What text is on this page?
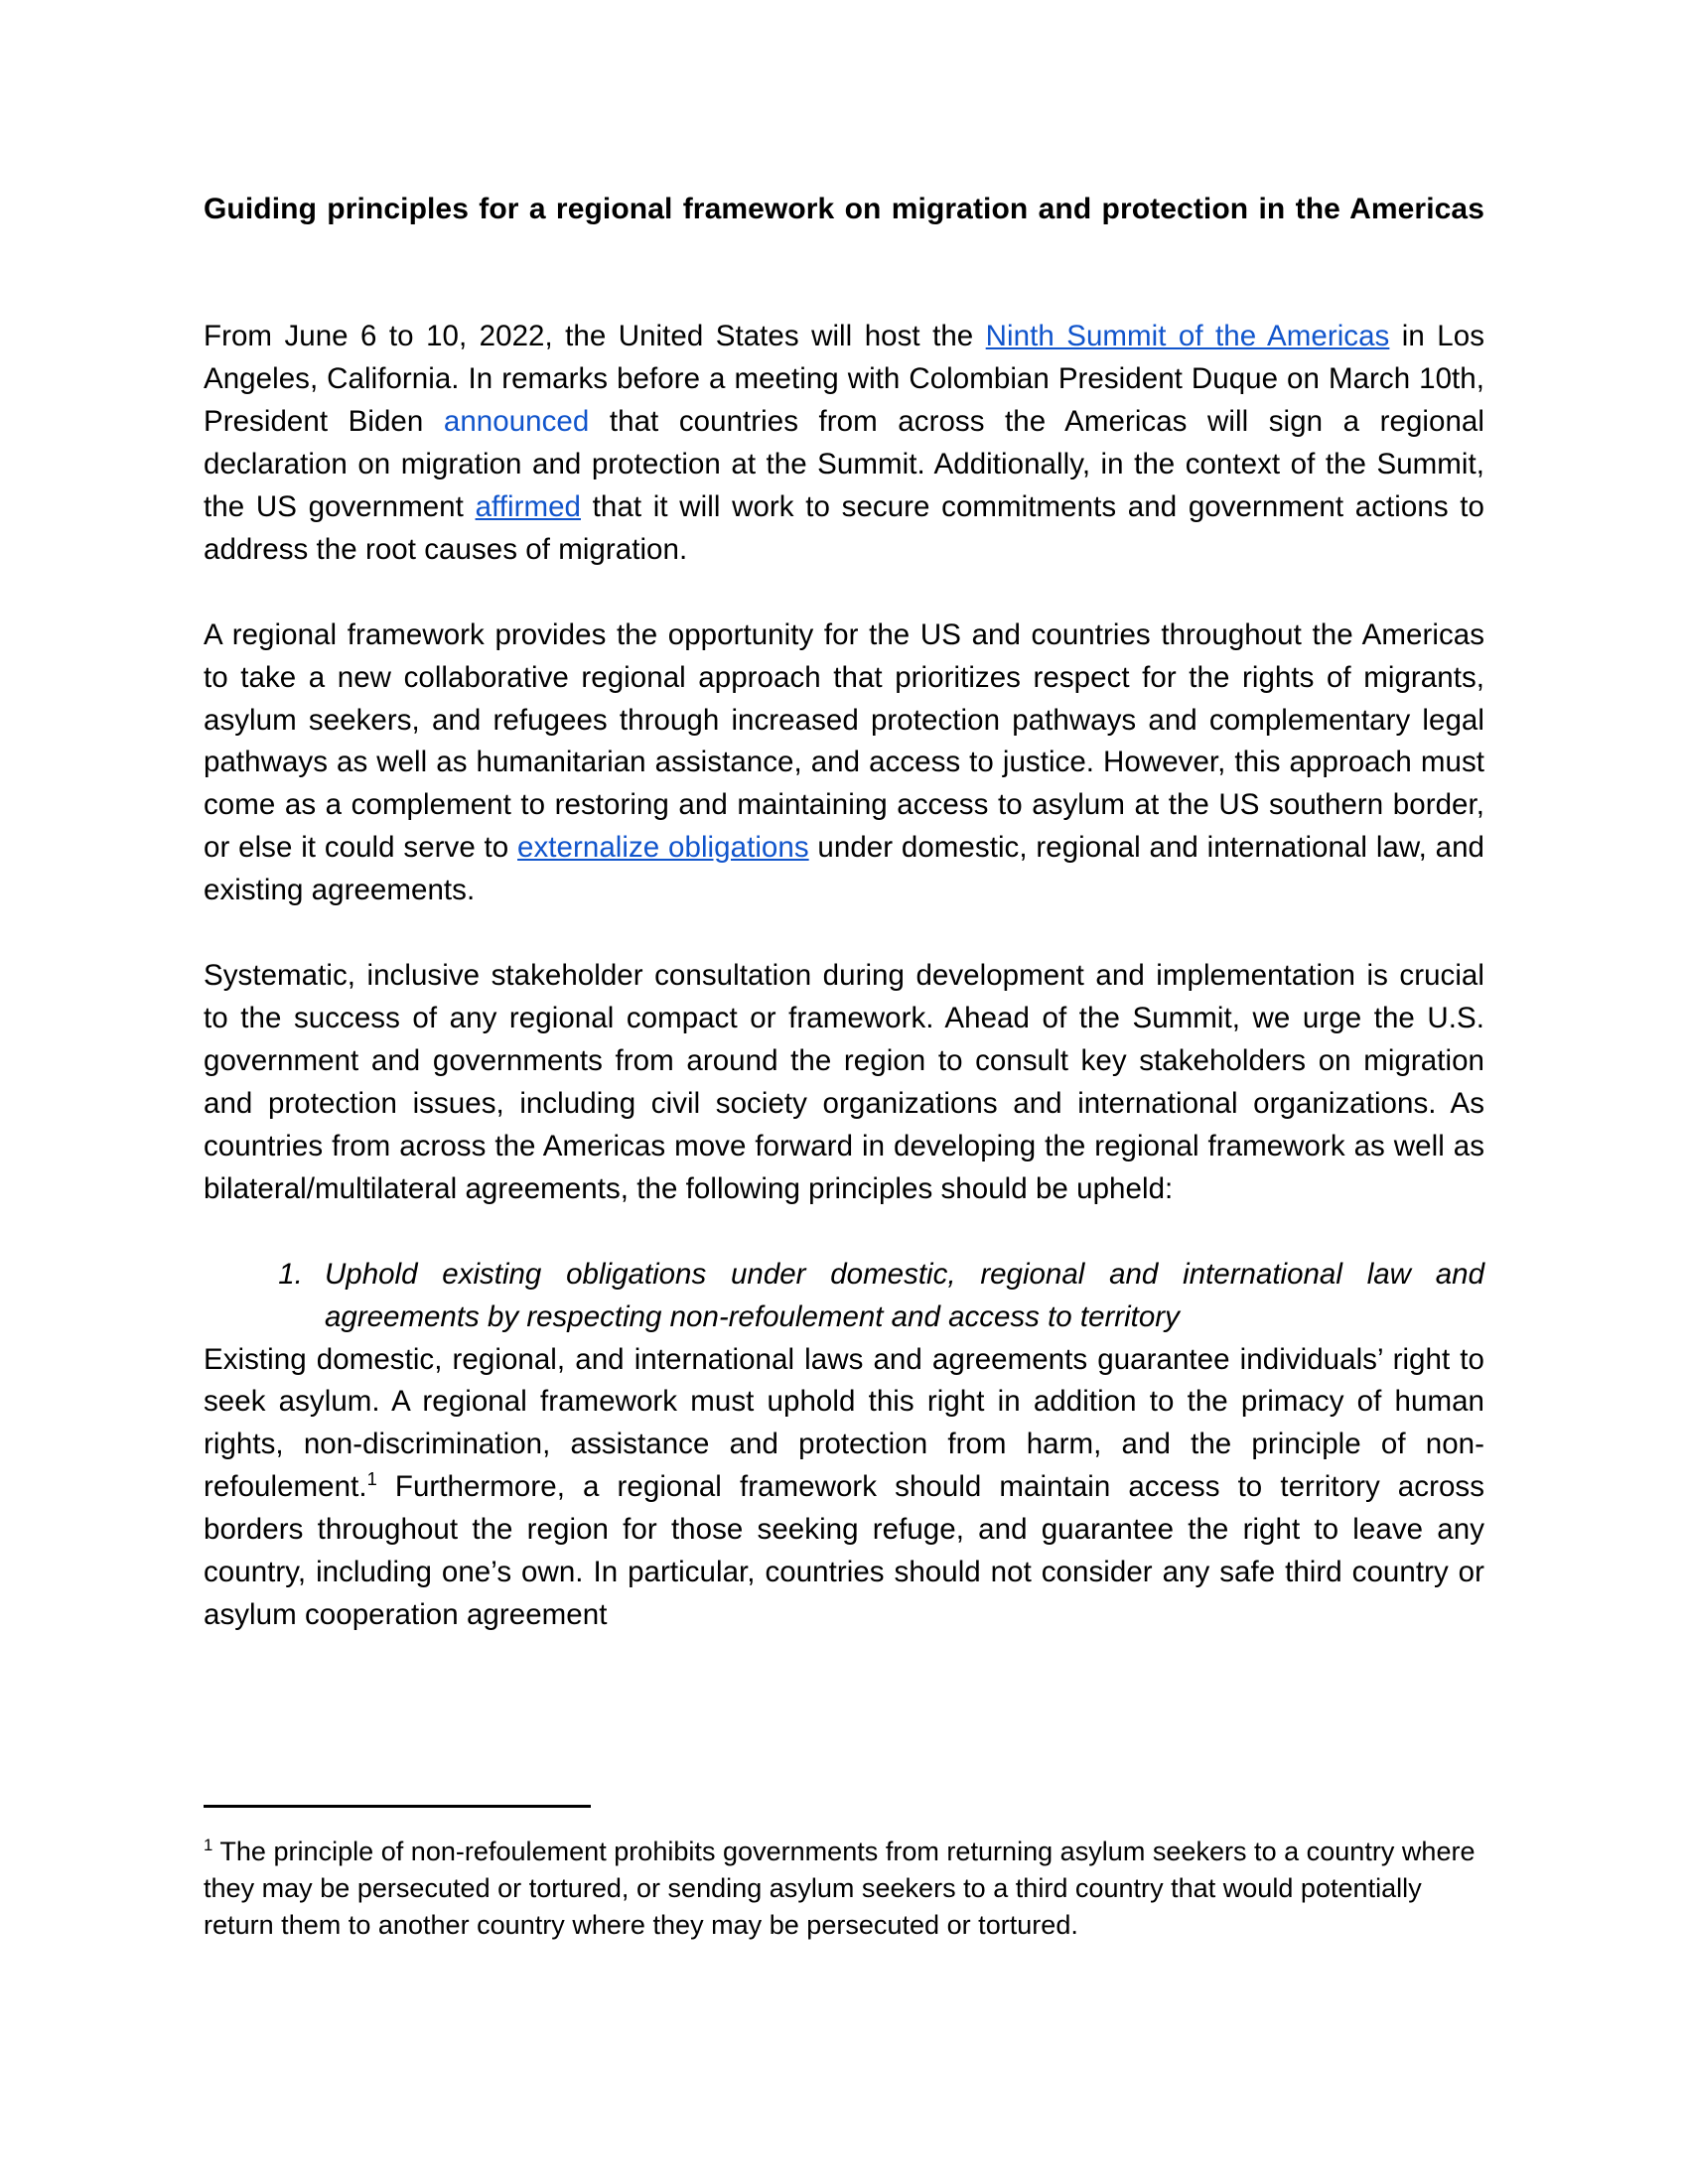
Guiding principles for a regional framework on migration and protection in the Americas

From June 6 to 10, 2022, the United States will host the Ninth Summit of the Americas in Los Angeles, California. In remarks before a meeting with Colombian President Duque on March 10th, President Biden announced that countries from across the Americas will sign a regional declaration on migration and protection at the Summit. Additionally, in the context of the Summit, the US government affirmed that it will work to secure commitments and government actions to address the root causes of migration.

A regional framework provides the opportunity for the US and countries throughout the Americas to take a new collaborative regional approach that prioritizes respect for the rights of migrants, asylum seekers, and refugees through increased protection pathways and complementary legal pathways as well as humanitarian assistance, and access to justice. However, this approach must come as a complement to restoring and maintaining access to asylum at the US southern border, or else it could serve to externalize obligations under domestic, regional and international law, and existing agreements.

Systematic, inclusive stakeholder consultation during development and implementation is crucial to the success of any regional compact or framework. Ahead of the Summit, we urge the U.S. government and governments from around the region to consult key stakeholders on migration and protection issues, including civil society organizations and international organizations. As countries from across the Americas move forward in developing the regional framework as well as bilateral/multilateral agreements, the following principles should be upheld:

1. Uphold existing obligations under domestic, regional and international law and agreements by respecting non-refoulement and access to territory

Existing domestic, regional, and international laws and agreements guarantee individuals’ right to seek asylum. A regional framework must uphold this right in addition to the primacy of human rights, non-discrimination, assistance and protection from harm, and the principle of non-refoulement.$^1$ Furthermore, a regional framework should maintain access to territory across borders throughout the region for those seeking refuge, and guarantee the right to leave any country, including one’s own. In particular, countries should not consider any safe third country or asylum cooperation agreement

$^1$ The principle of non-refoulement prohibits governments from returning asylum seekers to a country where they may be persecuted or tortured, or sending asylum seekers to a third country that would potentially return them to another country where they may be persecuted or tortured.
